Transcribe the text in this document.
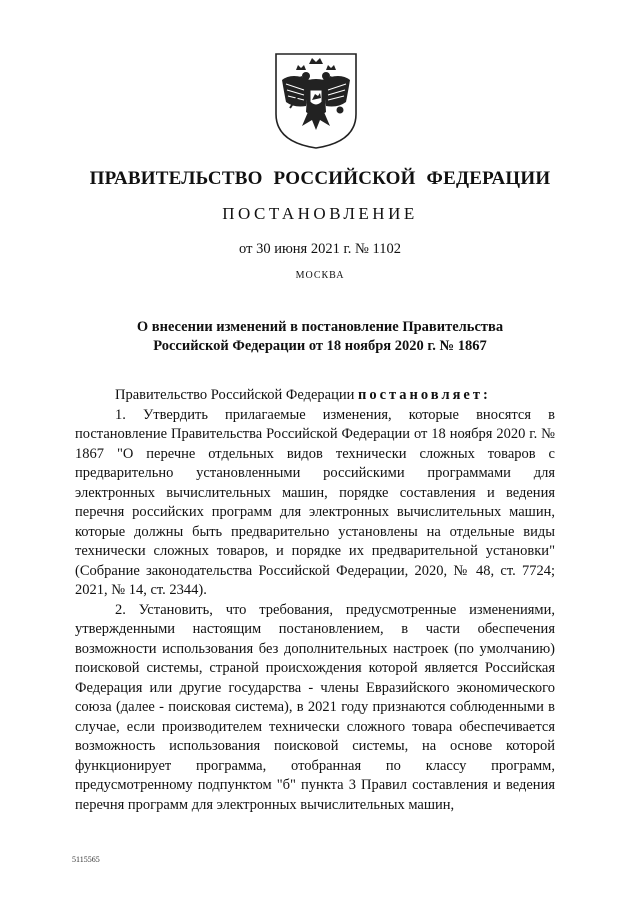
ПРАВИТЕЛЬСТВО РОССИЙСКОЙ ФЕДЕРАЦИИ
ПОСТАНОВЛЕНИЕ
от 30 июня 2021 г. № 1102
МОСКВА
О внесении изменений в постановление Правительства
Российской Федерации от 18 ноября 2020 г. № 1867

Правительство Российской Федерации постановляет:

1. Утвердить прилагаемые изменения, которые вносятся в постановление Правительства Российской Федерации от 18 ноября 2020 г. № 1867 "О перечне отдельных видов технически сложных товаров с предварительно установленными российскими программами для электронных вычислительных машин, порядке составления и ведения перечня российских программ для электронных вычислительных машин, которые должны быть предварительно установлены на отдельные виды технически сложных товаров, и порядке их предварительной установки" (Собрание законодательства Российской Федерации, 2020, № 48, ст. 7724; 2021, № 14, ст. 2344).

2. Установить, что требования, предусмотренные изменениями, утвержденными настоящим постановлением, в части обеспечения возможности использования без дополнительных настроек (по умолчанию) поисковой системы, страной происхождения которой является Российская Федерация или другие государства - члены Евразийского экономического союза (далее - поисковая система), в 2021 году признаются соблюденными в случае, если производителем технически сложного товара обеспечивается возможность использования поисковой системы, на основе которой функционирует программа, отобранная по классу программ, предусмотренному подпунктом "б" пункта 3 Правил составления и ведения перечня программ для электронных вычислительных машин,

5115565
